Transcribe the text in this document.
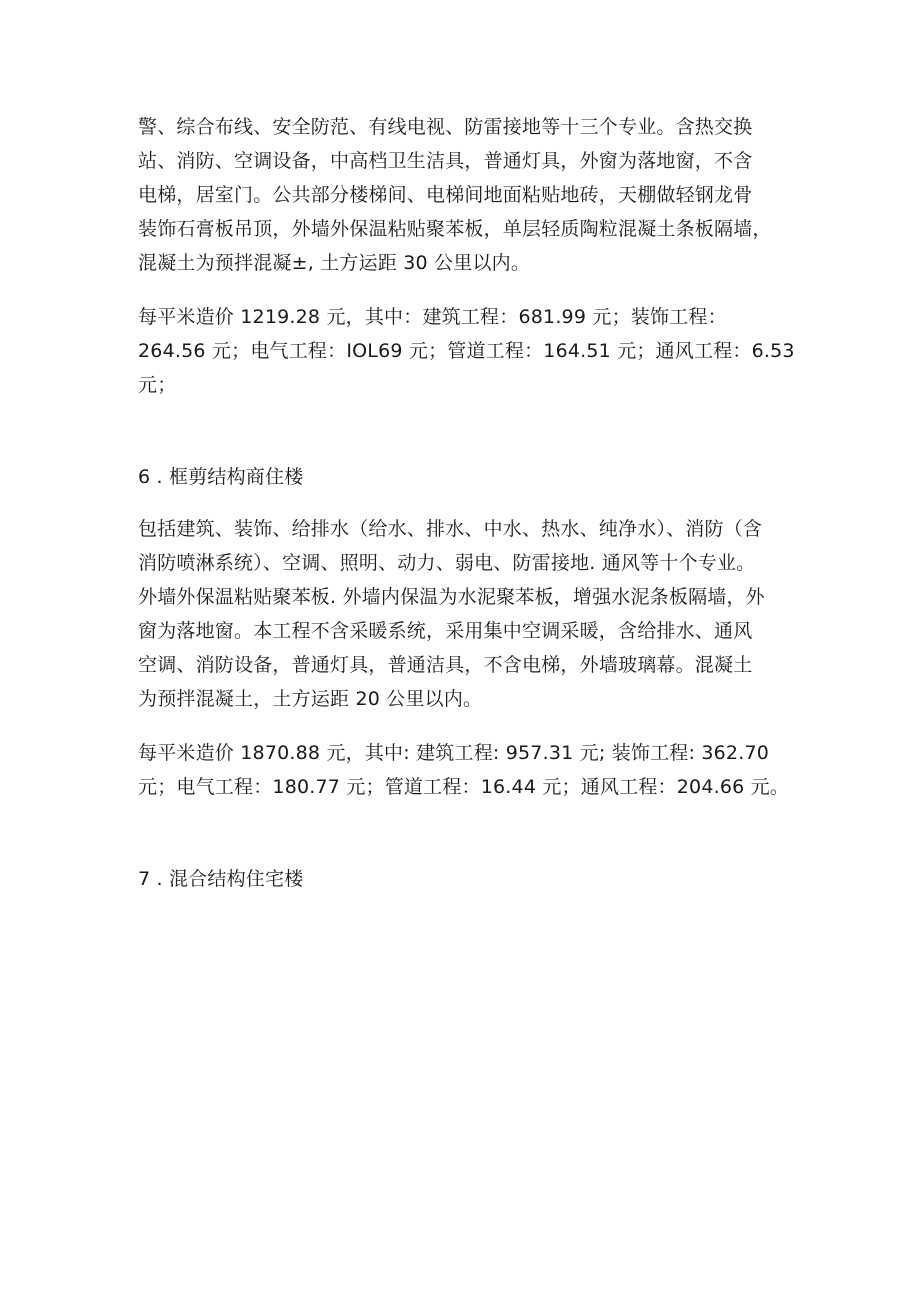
警、综合布线、安全防范、有线电视、防雷接地等十三个专业。含热交换
站、消防、空调设备，中高档卫生洁具，普通灯具，外窗为落地窗，不含
电梯，居室门。公共部分楼梯间、电梯间地面粘贴地砖，天棚做轻钢龙骨
装饰石膏板吊顶，外墙外保温粘贴聚苯板，单层轻质陶粒混凝土条板隔墙，
混凝土为预拌混凝±, 土方运距 30 公里以内。
每平米造价 1219.28 元，其中：建筑工程：681.99 元；装饰工程：
264.56 元；电气工程：IOL69 元；管道工程：164.51 元；通风工程：6.53
元；
6 . 框剪结构商住楼
包括建筑、装饰、给排水（给水、排水、中水、热水、纯净水）、消防（含
消防喷淋系统）、空调、照明、动力、弱电、防雷接地. 通风等十个专业。
外墙外保温粘贴聚苯板. 外墙内保温为水泥聚苯板，增强水泥条板隔墙，外
窗为落地窗。本工程不含采暖系统，采用集中空调采暖，含给排水、通风
空调、消防设备，普通灯具，普通洁具，不含电梯，外墙玻璃幕。混凝土
为预拌混凝土，土方运距 20 公里以内。
每平米造价 1870.88 元，其中: 建筑工程: 957.31 元; 装饰工程: 362.70
元；电气工程：180.77 元；管道工程：16.44 元；通风工程：204.66 元。
7 . 混合结构住宅楼
